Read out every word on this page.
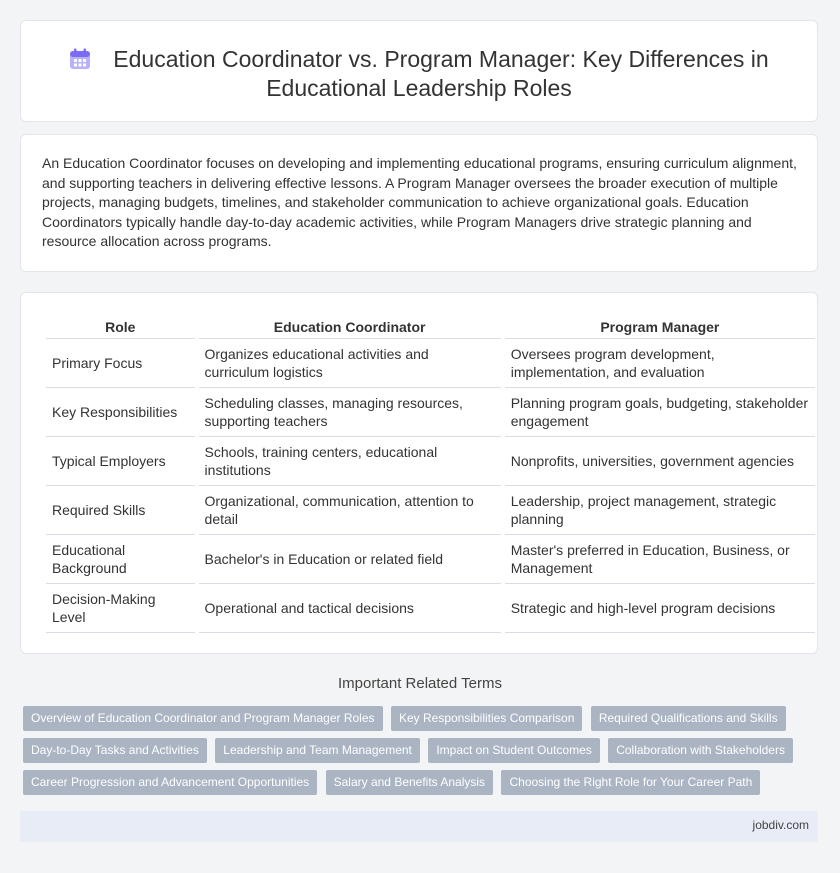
Education Coordinator vs. Program Manager: Key Differences in Educational Leadership Roles
An Education Coordinator focuses on developing and implementing educational programs, ensuring curriculum alignment, and supporting teachers in delivering effective lessons. A Program Manager oversees the broader execution of multiple projects, managing budgets, timelines, and stakeholder communication to achieve organizational goals. Education Coordinators typically handle day-to-day academic activities, while Program Managers drive strategic planning and resource allocation across programs.
Role	Education Coordinator	Program Manager
Primary Focus	Organizes educational activities and curriculum logistics	Oversees program development, implementation, and evaluation
Key Responsibilities	Scheduling classes, managing resources, supporting teachers	Planning program goals, budgeting, stakeholder engagement
Typical Employers	Schools, training centers, educational institutions	Nonprofits, universities, government agencies
Required Skills	Organizational, communication, attention to detail	Leadership, project management, strategic planning
Educational Background	Bachelor's in Education or related field	Master's preferred in Education, Business, or Management
Decision-Making Level	Operational and tactical decisions	Strategic and high-level program decisions
Important Related Terms
Overview of Education Coordinator and Program Manager Roles Key Responsibilities Comparison Required Qualifications and Skills Day-to-Day Tasks and Activities Leadership and Team Management Impact on Student Outcomes Collaboration with Stakeholders Career Progression and Advancement Opportunities Salary and Benefits Analysis Choosing the Right Role for Your Career Path
jobdiv.com
